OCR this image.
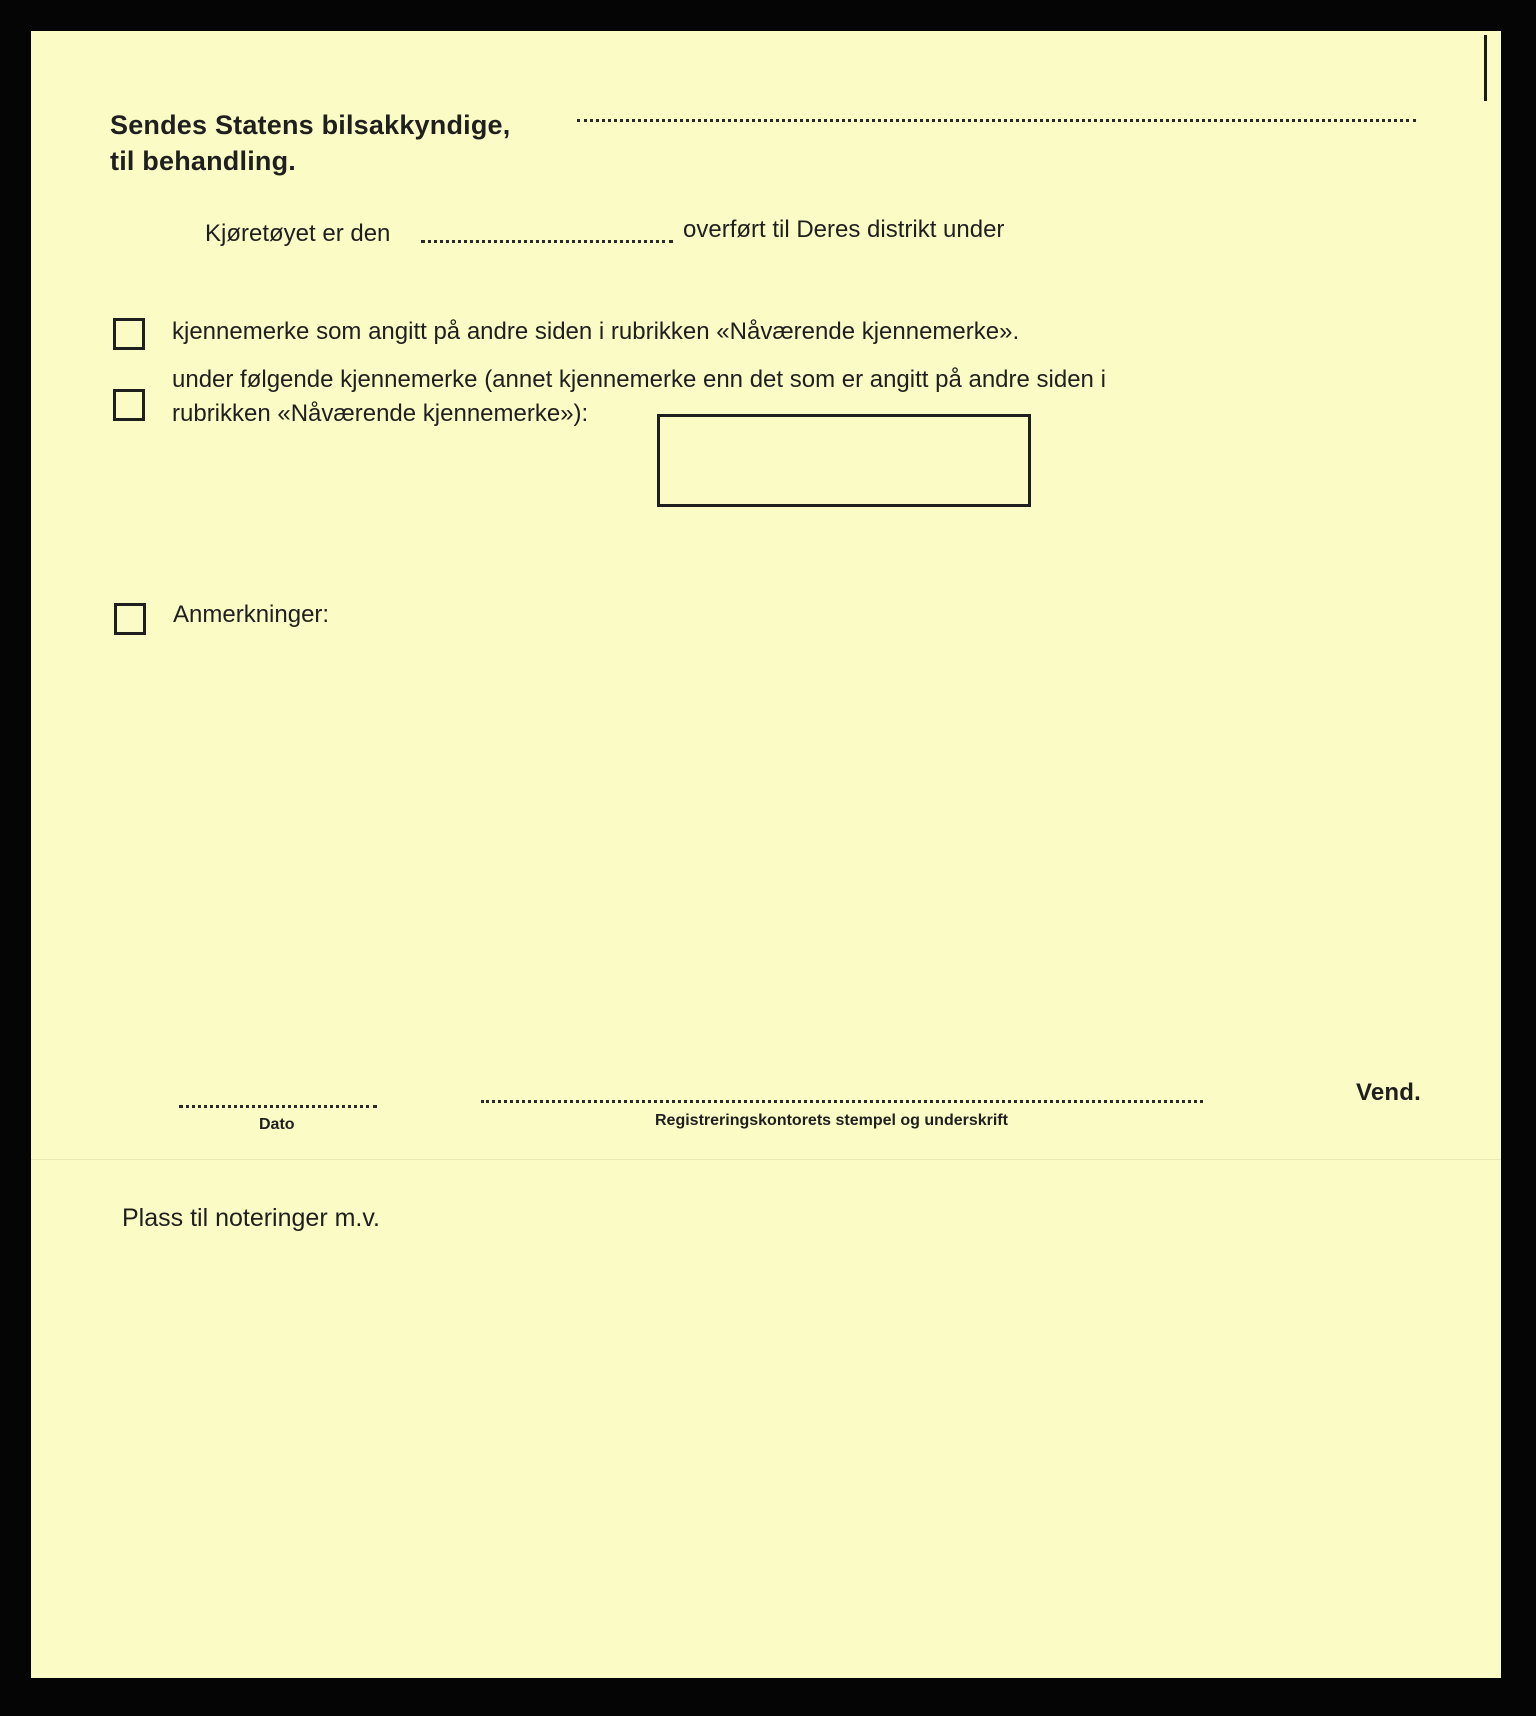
Sendes Statens bilsakkyndige,
til behandling.
Kjøretøyet er den	overført til Deres distrikt under
kjennemerke som angitt på andre siden i rubrikken «Nåværende kjennemerke».
under følgende kjennemerke (annet kjennemerke enn det som er angitt på andre siden i
rubrikken «Nåværende kjennemerke»):
Anmerkninger:
Dato	Registreringskontorets stempel og underskrift
Vend.
Plass til noteringer m.v.
